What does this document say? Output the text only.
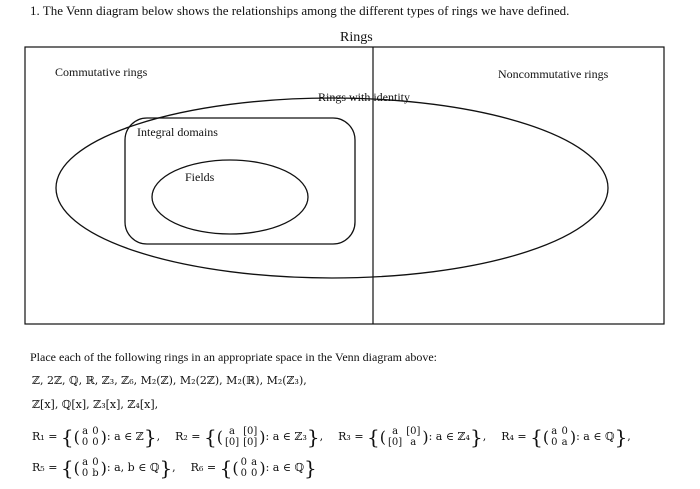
1. The Venn diagram below shows the relationships among the different types of rings we have defined.
Rings
Commutative rings	Noncommutative rings
Rings with identity
Integral domains
Fields
Place each of the following rings in an appropriate space in the Venn diagram above:
ℤ, 2ℤ, ℚ, ℝ, ℤ₃, ℤ₆, M₂(ℤ), M₂(2ℤ), M₂(ℝ), M₂(ℤ₃),
ℤ[x], ℚ[x], ℤ₃[x], ℤ₄[x],
R₁ = {( a
0
0
0 ): a ∈ ℤ},  R₂ = {( a
[0]
[0]
[0] ): a ∈ ℤ₃},  R₃ = {( a
[0]
[0]
a ): a ∈ ℤ₄},  R₄ = {( a
0
0
a ): a ∈ ℚ},
R₅ = {( a
0
0
b ): a, b ∈ ℚ},  R₆ = {( 0
0
a
0 ): a ∈ ℚ}
